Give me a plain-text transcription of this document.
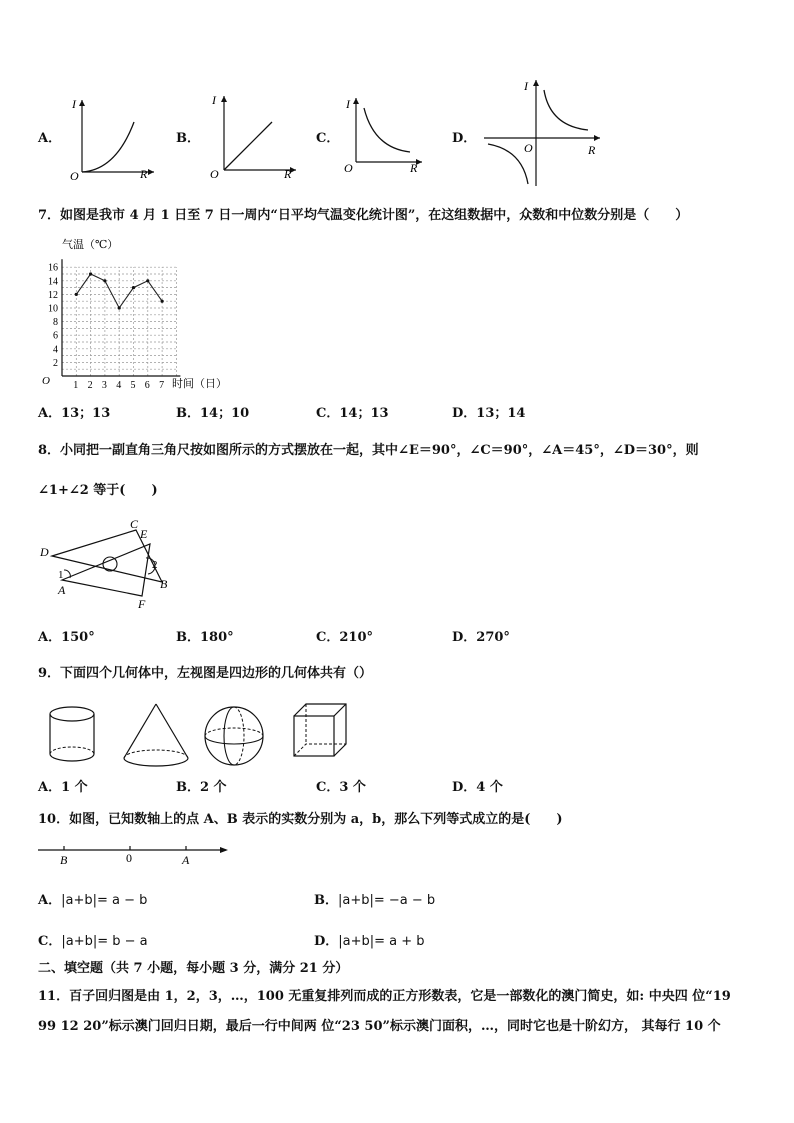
A．
I
O	R
B．
I
O	R
C．
I
O	R
D．
I
O	R
7．如图是我市 4 月 1 日至 7 日一周内“日平均气温变化统计图”，在这组数据中，众数和中位数分别是（　　）
1 2 3 4 5 6 7
2
4
6
8
10
12
14
16
气温（℃）
时间（日）
O
A．13；13	B．14；10	C．14；13	D．13；14
8．小同把一副直角三角尺按如图所示的方式摆放在一起，其中∠E＝90°，∠C＝90°，∠A＝45°，∠D＝30°，则
∠1+∠2 等于(　　)
C
E
D
A	B
F
1
2
A．150°	B．180°	C．210°	D．270°
9．下面四个几何体中，左视图是四边形的几何体共有（）
A．1 个	B．2 个	C．3 个	D．4 个
10．如图，已知数轴上的点 A、B 表示的实数分别为 a，b，那么下列等式成立的是(　　)
B	0	A
A．|a+b|= a − b	B．|a+b|= −a − b
C．|a+b|= b − a	D．|a+b|= a + b
二、填空题（共 7 小题，每小题 3 分，满分 21 分）
11．百子回归图是由 1，2，3，…，100 无重复排列而成的正方形数表，它是一部数化的澳门简史，如: 中央四 位“19
99 12 20”标示澳门回归日期，最后一行中间两 位“23 50”标示澳门面积，…，同时它也是十阶幻方， 其每行 10 个
